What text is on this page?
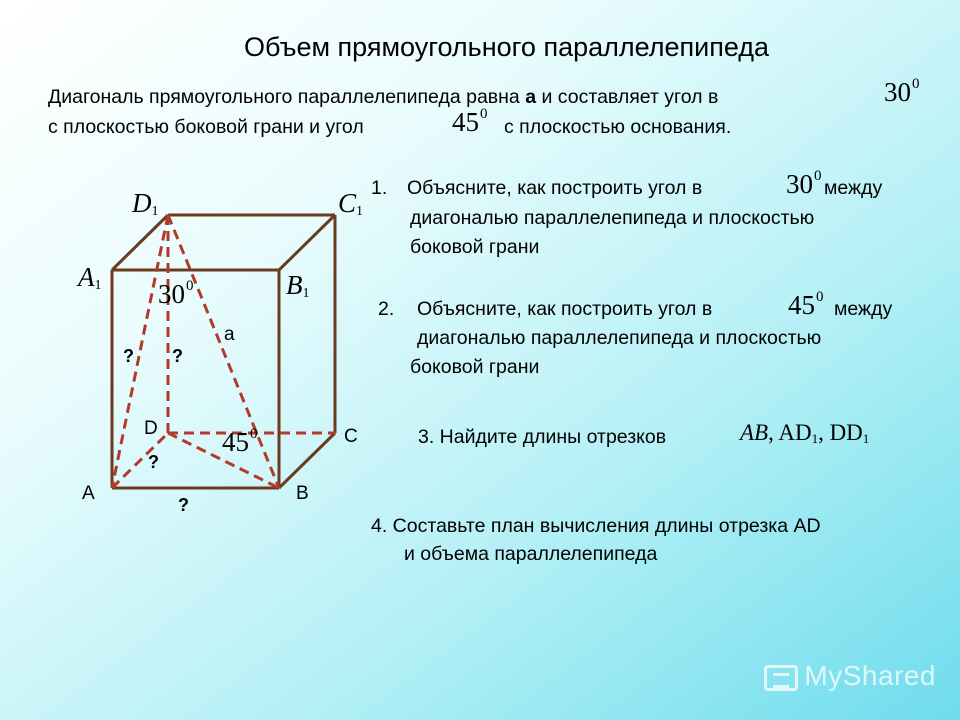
Объем прямоугольного параллелепипеда
Диагональ прямоугольного параллелепипеда равна а и составляет угол в	$30^0$
с плоскостью боковой грани и угол	$45^0$
с плоскостью основания.
1. Объясните, как построить угол в	$30^0$
между
диагональю параллелепипеда и плоскостью
боковой грани
2. Объясните, как построить угол в	$45^0$
между
диагональю параллелепипеда и плоскостью
боковой грани
3. Найдите длины отрезков	AB, $AD_1$, $DD_1$
4. Составьте план вычисления длины отрезка AD
и объема параллелепипеда
$D_1$	$C_1$
$A_1$	$B_1$
$30^0$
$45^0$
a
D	C
A	B
? ?
?
?
MyShared
